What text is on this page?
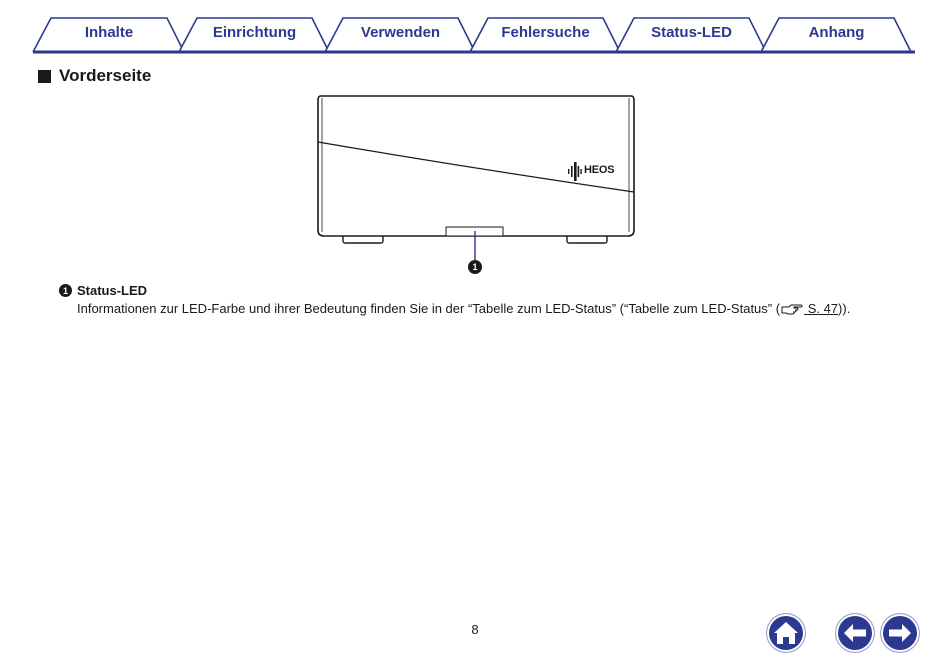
Inhalte	Einrichtung	Verwenden	Fehlersuche	Status-LED	Anhang
Vorderseite
HEOS
1
1 Status-LED
Informationen zur LED-Farbe und ihrer Bedeutung finden Sie in der “Tabelle zum LED-Status” (“Tabelle zum LED-Status” ( S. 47)).
8
